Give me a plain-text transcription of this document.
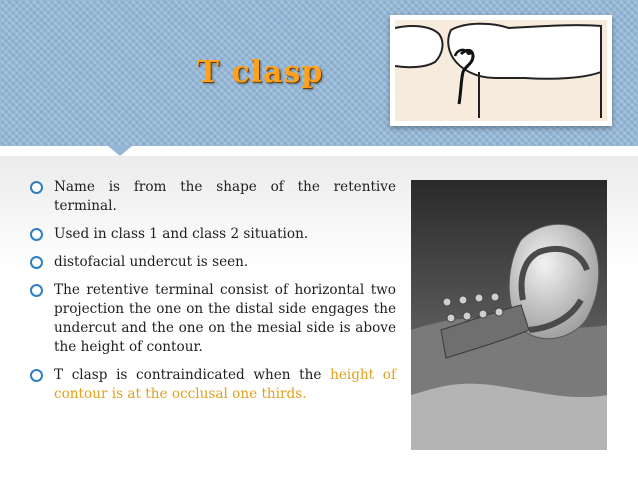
T clasp
Name is from the shape of the retentive terminal.
Used in class 1 and class 2 situation.
distofacial undercut is seen.
The retentive terminal consist of horizontal two projection the one on the distal side engages the undercut and the one on the mesial side is above the height of contour.
T clasp is contraindicated when the height of contour is at the occlusal one thirds.
